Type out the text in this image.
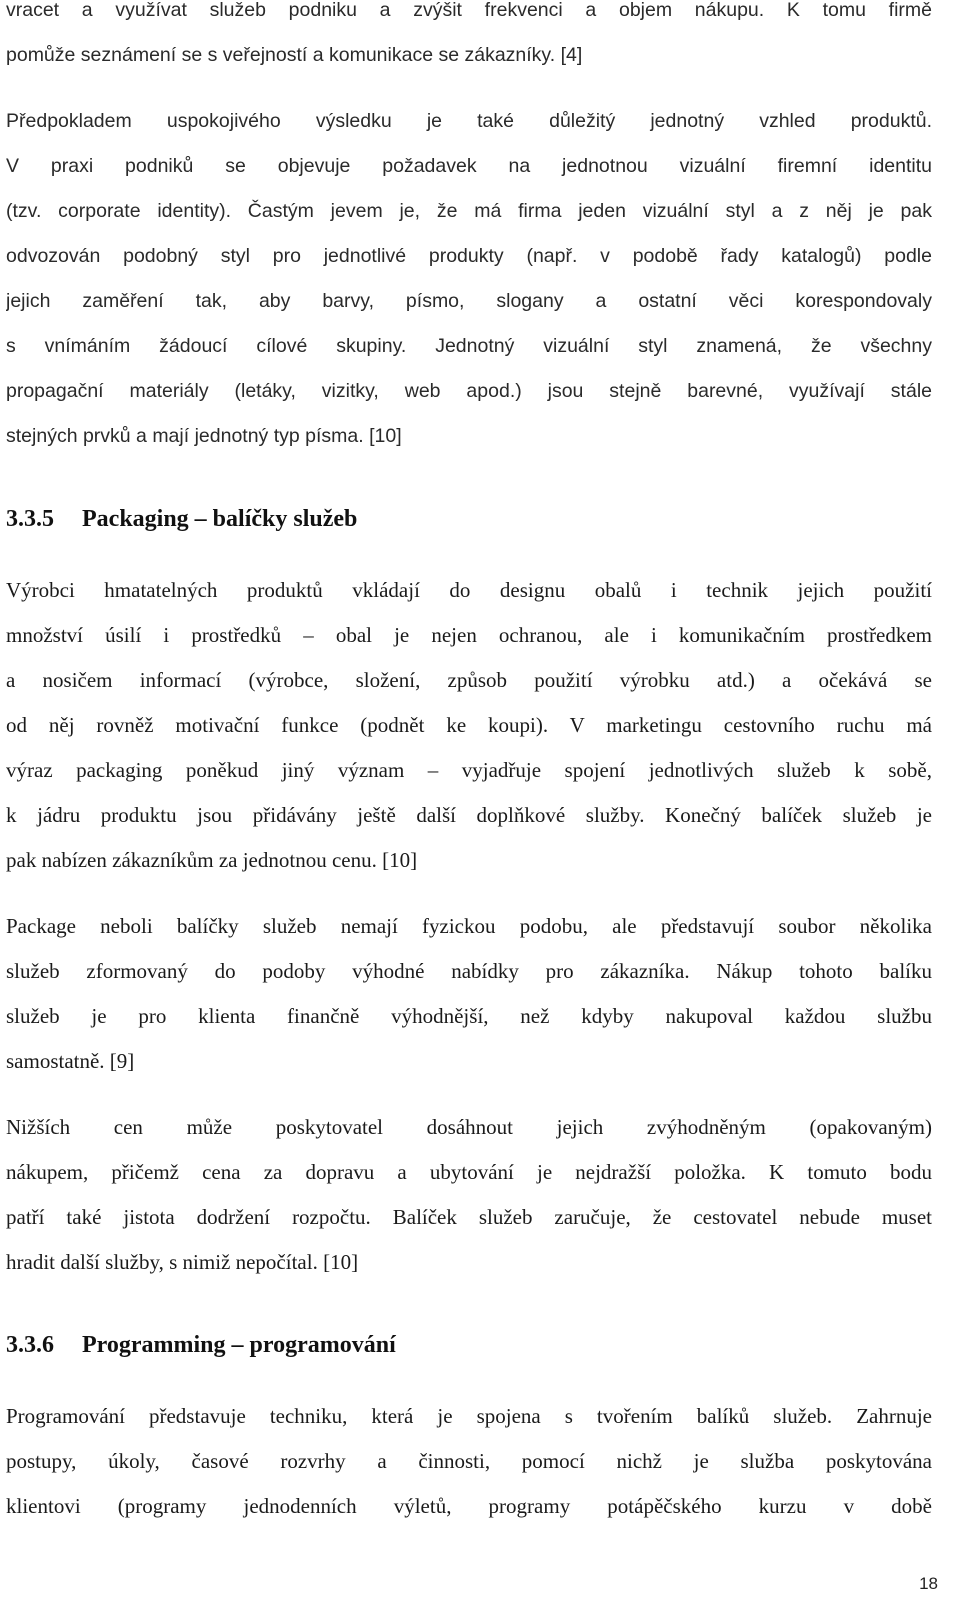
vracet a využívat služeb podniku a zvýšit frekvenci a objem nákupu. K tomu firmě
pomůže seznámení se s veřejností a komunikace se zákazníky. [4]
Předpokladem uspokojivého výsledku je také důležitý jednotný vzhled produktů.
V praxi podniků se objevuje požadavek na jednotnou vizuální firemní identitu
(tzv. corporate identity). Častým jevem je, že má firma jeden vizuální styl a z něj je pak
odvozován podobný styl pro jednotlivé produkty (např. v podobě řady katalogů) podle
jejich zaměření tak, aby barvy, písmo, slogany a ostatní věci korespondovaly
s vnímáním žádoucí cílové skupiny. Jednotný vizuální styl znamená, že všechny
propagační materiály (letáky, vizitky, web apod.) jsou stejně barevné, využívají stále
stejných prvků a mají jednotný typ písma. [10]
3.3.5 Packaging – balíčky služeb
Výrobci hmatatelných produktů vkládají do designu obalů i technik jejich použití
množství úsilí i prostředků – obal je nejen ochranou, ale i komunikačním prostředkem
a nosičem informací (výrobce, složení, způsob použití výrobku atd.) a očekává se
od něj rovněž motivační funkce (podnět ke koupi). V marketingu cestovního ruchu má
výraz packaging poněkud jiný význam – vyjadřuje spojení jednotlivých služeb k sobě,
k jádru produktu jsou přidávány ještě další doplňkové služby. Konečný balíček služeb je
pak nabízen zákazníkům za jednotnou cenu. [10]
Package neboli balíčky služeb nemají fyzickou podobu, ale představují soubor několika
služeb zformovaný do podoby výhodné nabídky pro zákazníka. Nákup tohoto balíku
služeb je pro klienta finančně výhodnější, než kdyby nakupoval každou službu
samostatně. [9]
Nižších cen může poskytovatel dosáhnout jejich zvýhodněným (opakovaným)
nákupem, přičemž cena za dopravu a ubytování je nejdražší položka. K tomuto bodu
patří také jistota dodržení rozpočtu. Balíček služeb zaručuje, že cestovatel nebude muset
hradit další služby, s nimiž nepočítal. [10]
3.3.6 Programming – programování
Programování představuje techniku, která je spojena s tvořením balíků služeb. Zahrnuje
postupy, úkoly, časové rozvrhy a činnosti, pomocí nichž je služba poskytována
klientovi (programy jednodenních výletů, programy potápěčského kurzu v době
18
